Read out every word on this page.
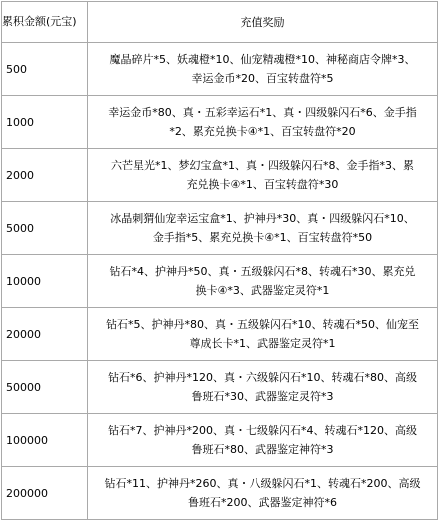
累积金额(元宝)	充值奖励
500	魔晶碎片*5、妖魂橙*10、仙宠精魂橙*10、神秘商店令牌*3、
幸运金币*20、百宝转盘符*5

1000	幸运金币*80、真・五彩幸运石*1、真・四级躲闪石*6、金手指
*2、累充兑换卡④*1、百宝转盘符*20

2000	六芒星光*1、梦幻宝盒*1、真・四级躲闪石*8、金手指*3、累
充兑换卡④*1、百宝转盘符*30

5000	冰晶刺猬仙宠幸运宝盒*1、护神丹*30、真・四级躲闪石*10、
金手指*5、累充兑换卡④*1、百宝转盘符*50

10000	钻石*4、护神丹*50、真・五级躲闪石*8、转魂石*30、累充兑
换卡④*3、武器鉴定灵符*1

20000	钻石*5、护神丹*80、真・五级躲闪石*10、转魂石*50、仙宠至
尊成长卡*1、武器鉴定灵符*1

50000	钻石*6、护神丹*120、真・六级躲闪石*10、转魂石*80、高级
鲁班石*30、武器鉴定灵符*3

100000	钻石*7、护神丹*200、真・七级躲闪石*4、转魂石*120、高级
鲁班石*80、武器鉴定神符*3

200000	钻石*11、护神丹*260、真・八级躲闪石*1、转魂石*200、高级
鲁班石*200、武器鉴定神符*6
